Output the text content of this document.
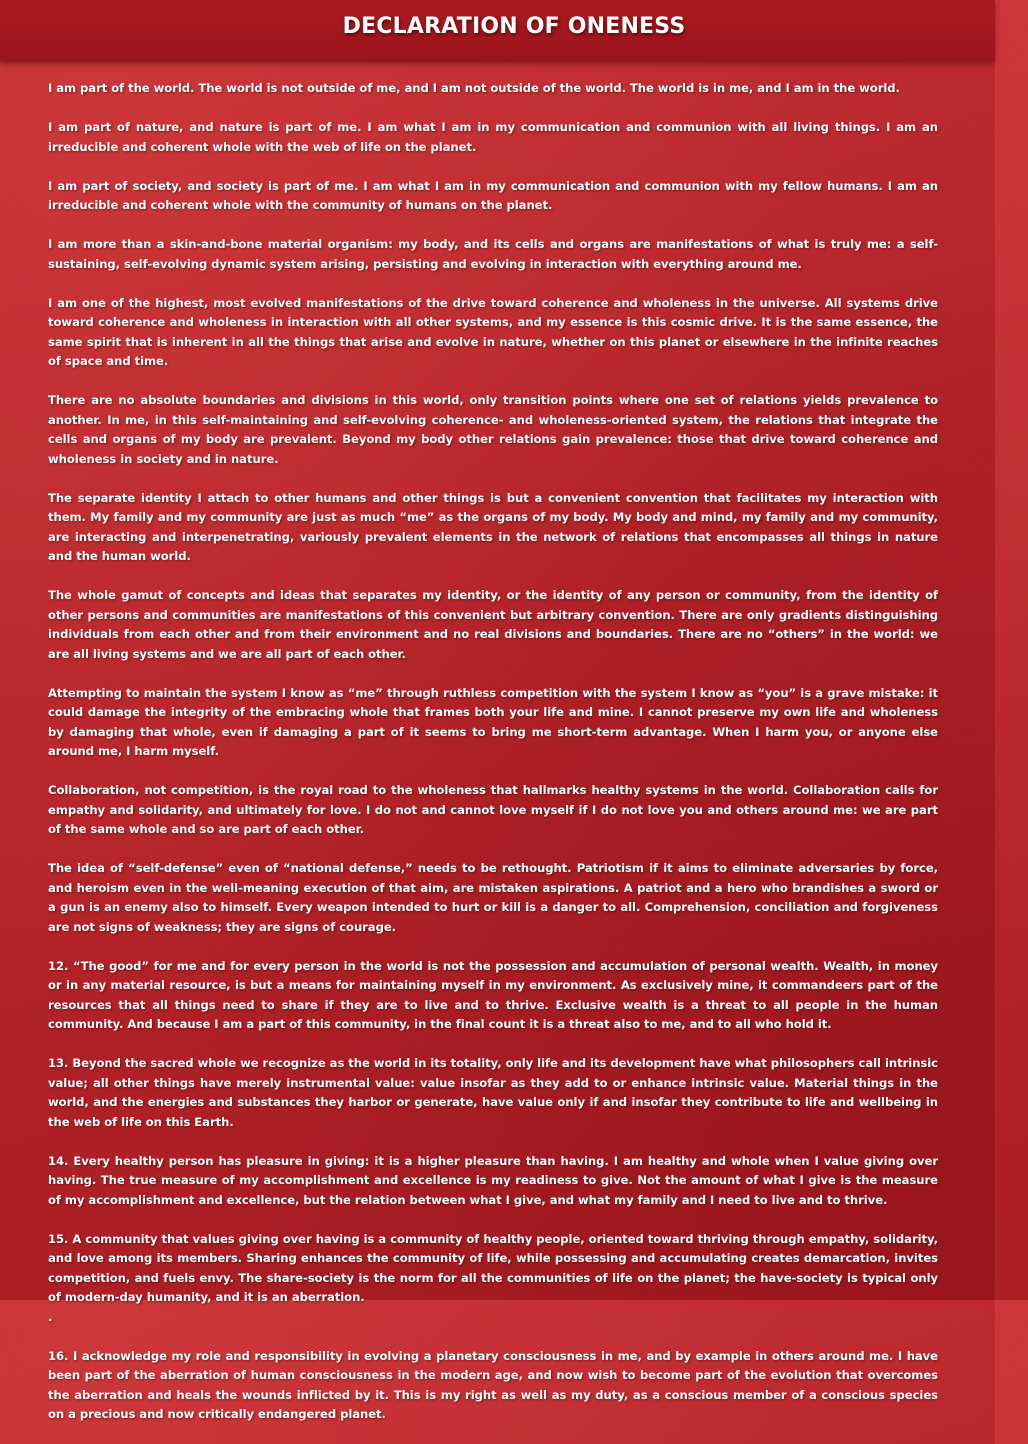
DECLARATION OF ONENESS

I am part of the world. The world is not outside of me, and I am not outside of the world. The world is in me, and I am in the world.

I am part of nature, and nature is part of me. I am what I am in my communication and communion with all living things. I am an irreducible and coherent whole with the web of life on the planet.

I am part of society, and society is part of me. I am what I am in my communication and communion with my fellow humans. I am an irreducible and coherent whole with the community of humans on the planet.

I am more than a skin-and-bone material organism: my body, and its cells and organs are manifestations of what is truly me: a self-sustaining, self-evolving dynamic system arising, persisting and evolving in interaction with everything around me.

I am one of the highest, most evolved manifestations of the drive toward coherence and wholeness in the universe. All systems drive toward coherence and wholeness in interaction with all other systems, and my essence is this cosmic drive. It is the same essence, the same spirit that is inherent in all the things that arise and evolve in nature, whether on this planet or elsewhere in the infinite reaches of space and time.

There are no absolute boundaries and divisions in this world, only transition points where one set of relations yields prevalence to another. In me, in this self-maintaining and self-evolving coherence- and wholeness-oriented system, the relations that integrate the cells and organs of my body are prevalent. Beyond my body other relations gain prevalence: those that drive toward coherence and wholeness in society and in nature.

The separate identity I attach to other humans and other things is but a convenient convention that facilitates my interaction with them. My family and my community are just as much “me” as the organs of my body. My body and mind, my family and my community, are interacting and interpenetrating, variously prevalent elements in the network of relations that encompasses all things in nature and the human world.

The whole gamut of concepts and ideas that separates my identity, or the identity of any person or community, from the identity of other persons and communities are manifestations of this convenient but arbitrary convention. There are only gradients distinguishing individuals from each other and from their environment and no real divisions and boundaries. There are no “others” in the world: we are all living systems and we are all part of each other.

Attempting to maintain the system I know as “me” through ruthless competition with the system I know as “you” is a grave mistake: it could damage the integrity of the embracing whole that frames both your life and mine. I cannot preserve my own life and wholeness by damaging that whole, even if damaging a part of it seems to bring me short-term advantage. When I harm you, or anyone else around me, I harm myself.

Collaboration, not competition, is the royal road to the wholeness that hallmarks healthy systems in the world. Collaboration calls for empathy and solidarity, and ultimately for love. I do not and cannot love myself if I do not love you and others around me: we are part of the same whole and so are part of each other.

The idea of “self-defense” even of “national defense,” needs to be rethought. Patriotism if it aims to eliminate adversaries by force, and heroism even in the well-meaning execution of that aim, are mistaken aspirations. A patriot and a hero who brandishes a sword or a gun is an enemy also to himself. Every weapon intended to hurt or kill is a danger to all. Comprehension, conciliation and forgiveness are not signs of weakness; they are signs of courage.

12. “The good” for me and for every person in the world is not the possession and accumulation of personal wealth. Wealth, in money or in any material resource, is but a means for maintaining myself in my environment. As exclusively mine, it commandeers part of the resources that all things need to share if they are to live and to thrive. Exclusive wealth is a threat to all people in the human community. And because I am a part of this community, in the final count it is a threat also to me, and to all who hold it.

13. Beyond the sacred whole we recognize as the world in its totality, only life and its development have what philosophers call intrinsic value; all other things have merely instrumental value: value insofar as they add to or enhance intrinsic value. Material things in the world, and the energies and substances they harbor or generate, have value only if and insofar they contribute to life and wellbeing in the web of life on this Earth.

14. Every healthy person has pleasure in giving: it is a higher pleasure than having. I am healthy and whole when I value giving over having. The true measure of my accomplishment and excellence is my readiness to give. Not the amount of what I give is the measure of my accomplishment and excellence, but the relation between what I give, and what my family and I need to live and to thrive.

15. A community that values giving over having is a community of healthy people, oriented toward thriving through empathy, solidarity, and love among its members. Sharing enhances the community of life, while possessing and accumulating creates demarcation, invites competition, and fuels envy. The share-society is the norm for all the communities of life on the planet; the have-society is typical only of modern-day humanity, and it is an aberration.

.

16. I acknowledge my role and responsibility in evolving a planetary consciousness in me, and by example in others around me. I have been part of the aberration of human consciousness in the modern age, and now wish to become part of the evolution that overcomes the aberration and heals the wounds inflicted by it. This is my right as well as my duty, as a conscious member of a conscious species on a precious and now critically endangered planet.
